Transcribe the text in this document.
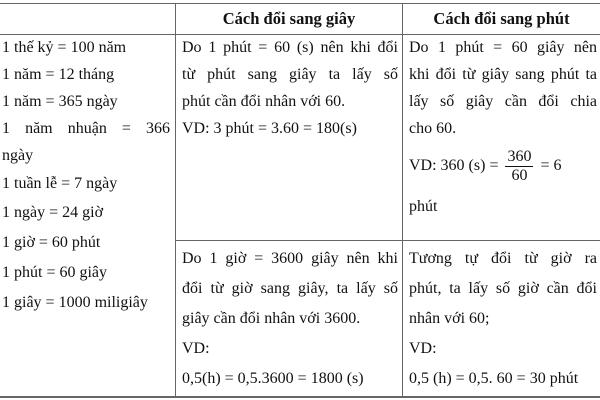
Cách đổi sang giây	Cách đổi sang phút
1 thế kỷ = 100 năm
1 năm = 12 tháng
1 năm = 365 ngày
1 năm nhuận = 366
ngày
1 tuần lễ = 7 ngày
1 ngày = 24 giờ
1 giờ = 60 phút
1 phút = 60 giây
1 giây = 1000 miligiây
Do 1 phút = 60 (s) nên khi đổi
từ phút sang giây ta lấy số
phút cần đổi nhân với 60.
VD: 3 phút = 3.60 = 180(s)
Do 1 giờ = 3600 giây nên khi
đổi từ giờ sang giây, ta lấy số
giây cần đổi nhân với 3600.
VD:
0,5(h) = 0,5.3600 = 1800 (s)
Do 1 phút = 60 giây nên
khi đổi từ giây sang phút ta
lấy số giây cần đổi chia
cho 60.
VD: 360 $(s) = \frac{360}{60} = 6$
phút
Tương tự đổi từ giờ ra
phút, ta lấy số giờ cần đổi
nhân với 60;
VD:
0,5 (h) = 0,5. 60 = 30 phút
